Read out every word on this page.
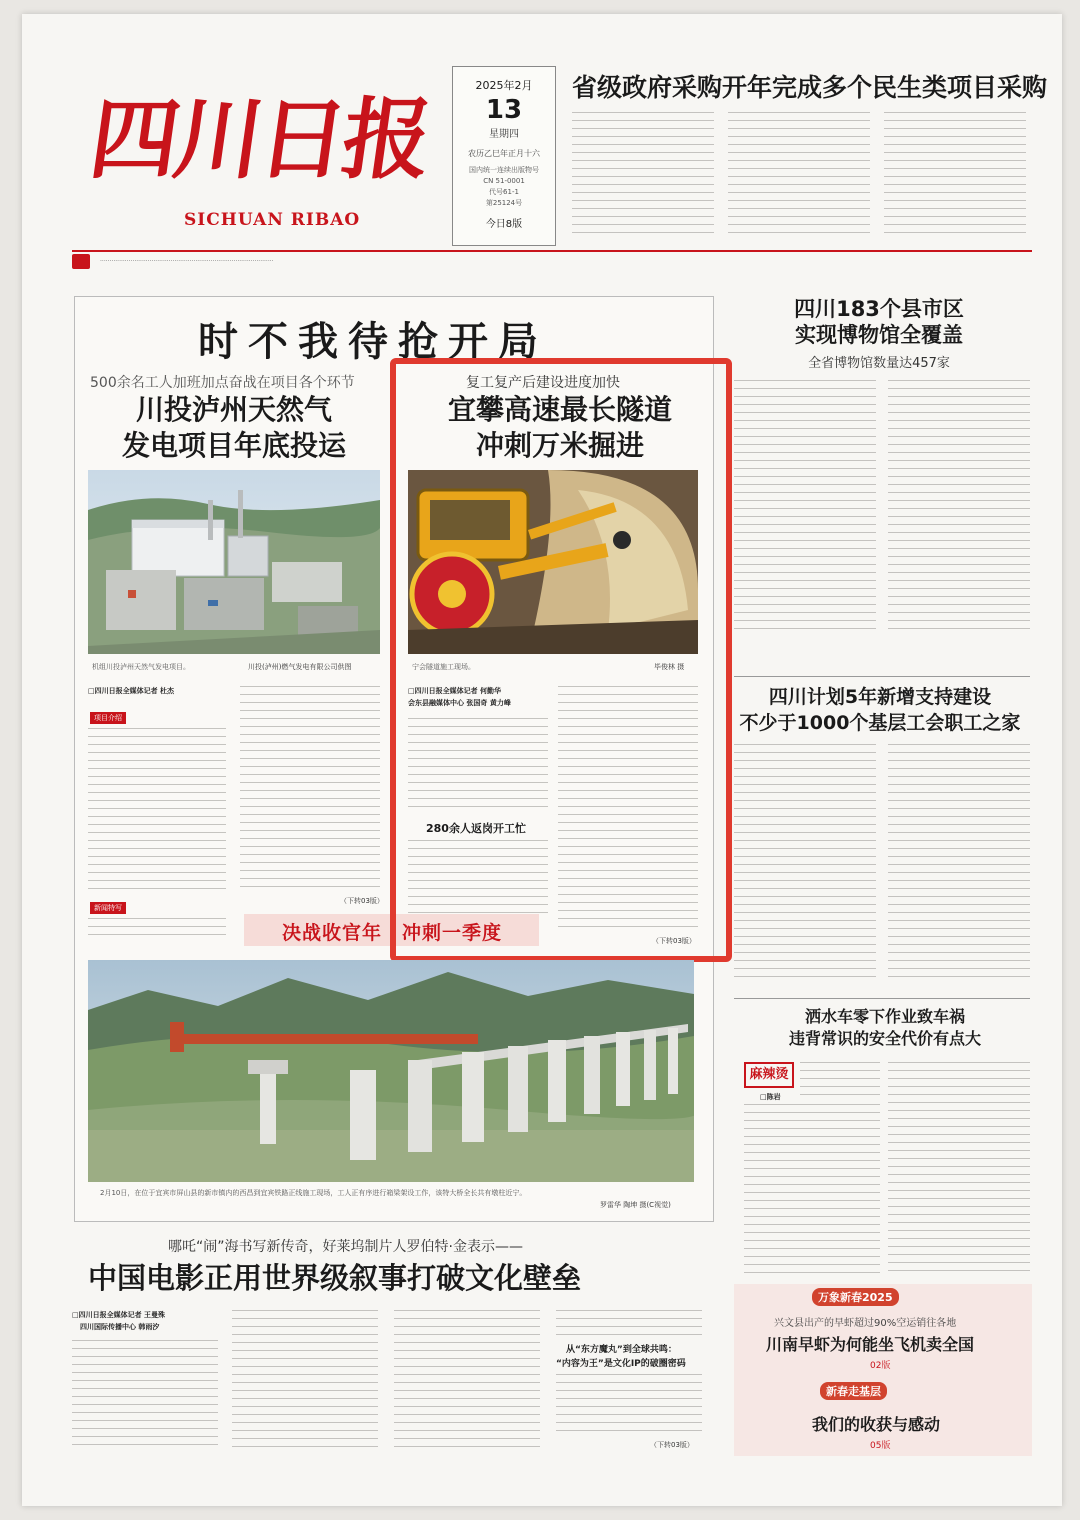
四川日报
SICHUAN RIBAO
2025年2月
13
星期四
农历乙巳年正月十六
国内统一连续出版物号
CN 51-0001
代号61-1
第25124号
今日8版
省级政府采购开年完成多个民生类项目采购
···························································································
时不我待抢开局
500余名工人加班加点奋战在项目各个环节
川投泸州天然气
发电项目年底投运
机组川投泸州天然气发电项目。	川投(泸州)燃气发电有限公司供图
□四川日报全媒体记者 杜杰
项目介绍
新闻特写
（下转03版）
复工复产后建设进度加快
宜攀高速最长隧道
冲刺万米掘进
宁会隧道施工现场。	毕俊林 摄
□四川日报全媒体记者 何勤华
会东县融媒体中心 张国奇 黄力峰
280余人返岗开工忙
（下转03版）
决战收官年 冲刺一季度
2月10日，在位于宜宾市屏山县的新市镇内的西昌到宜宾铁路正线施工现场，工人正有序进行箱梁架设工作，该特大桥全长共有墩柱近宁。
罗雷华 陶坤 摄(C视觉)
四川183个县市区
实现博物馆全覆盖
全省博物馆数量达457家
四川计划5年新增支持建设
不少于1000个基层工会职工之家
洒水车零下作业致车祸
违背常识的安全代价有点大
麻辣烫
□陈岩
哪吒“闹”海书写新传奇，好莱坞制片人罗伯特·金表示——
中国电影正用世界级叙事打破文化壁垒
□四川日报全媒体记者 王曼殊
四川国际传播中心 韩雨汐
从“东方魔丸”到全球共鸣：
“内容为王”是文化IP的破圈密码
（下转03版）
万象新春2025
兴文县出产的早虾超过90%空运销往各地
川南早虾为何能坐飞机卖全国
02版
新春走基层
我们的收获与感动
05版
